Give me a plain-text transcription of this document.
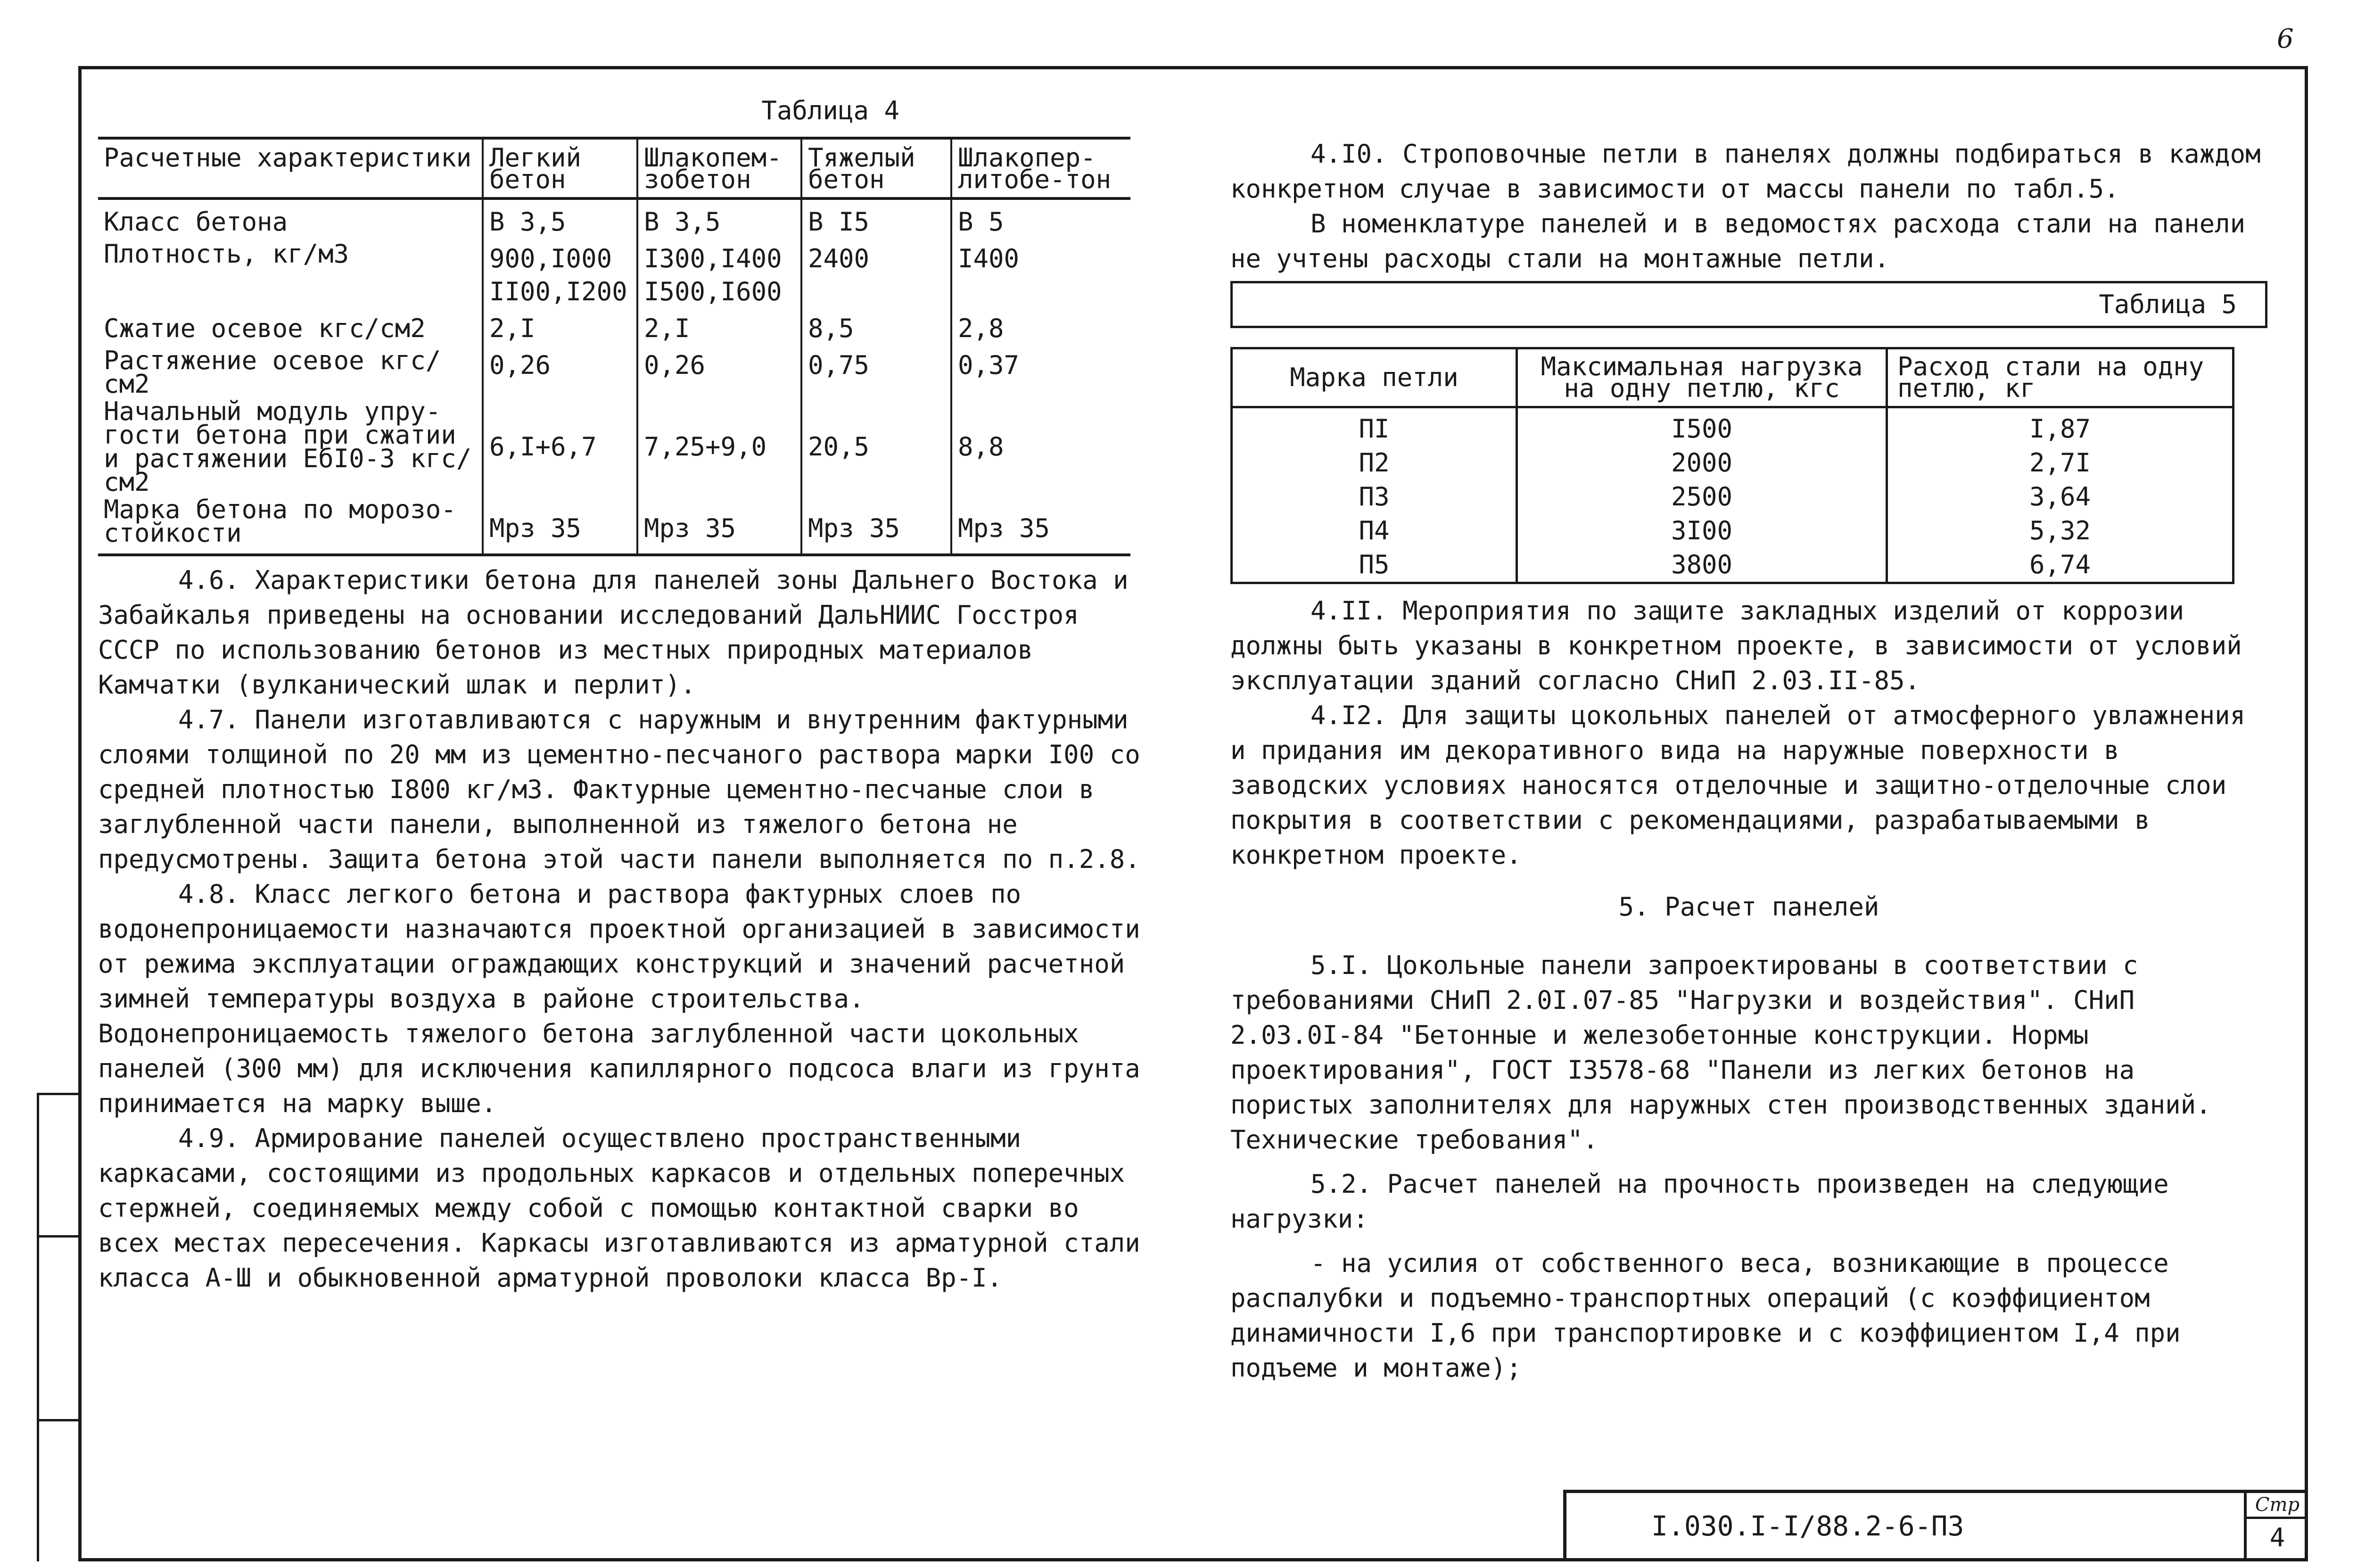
6
Таблица 4
Расчетные характеристики	Легкий бетон	Шлакопем-зобетон	Тяжелый бетон	Шлакопер-литобе-тон
Класс бетона	В 3,5	В 3,5	В I5	В 5
Плотность, кг/м3	900,I000 II00,I200	I300,I400 I500,I600	2400	I400
Сжатие осевое кгс/см2	2,I	2,I	8,5	2,8
Растяжение осевое кгс/см2	0,26	0,26	0,75	0,37
Начальный модуль упру-гости бетона при сжатии и растяжении ЕбI0-3 кгс/см2	6,I+6,7	7,25+9,0	20,5	8,8
Марка бетона по морозо-стойкости	Мрз 35	Мрз 35	Мрз 35	Мрз 35

4.6. Характеристики бетона для панелей зоны Дальнего Востока и Забайкалья приведены на основании исследований ДальНИИС Госстроя СССР по использованию бетонов из местных природных материалов Камчатки (вулканический шлак и перлит).

4.7. Панели изготавливаются с наружным и внутренним фактурными слоями толщиной по 20 мм из цементно-песчаного раствора марки I00 со средней плотностью I800 кг/м3. Фактурные цементно-песчаные слои в заглубленной части панели, выполненной из тяжелого бетона не предусмотрены. Защита бетона этой части панели выполняется по п.2.8.

4.8. Класс легкого бетона и раствора фактурных слоев по водонепроницаемости назначаются проектной организацией в зависимости от режима эксплуатации ограждающих конструкций и значений расчетной зимней температуры воздуха в районе строительства. Водонепроницаемость тяжелого бетона заглубленной части цокольных панелей (300 мм) для исключения капиллярного подсоса влаги из грунта принимается на марку выше.

4.9. Армирование панелей осуществлено пространственными каркасами, состоящими из продольных каркасов и отдельных поперечных стержней, соединяемых между собой с помощью контактной сварки во всех местах пересечения. Каркасы изготавливаются из арматурной стали класса А-Ш и обыкновенной арматурной проволоки класса Вр-I.

4.I0. Строповочные петли в панелях должны подбираться в каждом конкретном случае в зависимости от массы панели по табл.5.

В номенклатуре панелей и в ведомостях расхода стали на панели не учтены расходы стали на монтажные петли.

Таблица 5
Марка петли	Максимальная нагрузка на одну петлю, кгс	Расход стали на одну петлю, кг
ПI	I500	I,87
П2	2000	2,7I
П3	2500	3,64
П4	3I00	5,32
П5	3800	6,74

4.II. Мероприятия по защите закладных изделий от коррозии должны быть указаны в конкретном проекте, в зависимости от условий эксплуатации зданий согласно СНиП 2.03.II-85.

4.I2. Для защиты цокольных панелей от атмосферного увлажнения и придания им декоративного вида на наружные поверхности в заводских условиях наносятся отделочные и защитно-отделочные слои покрытия в соответствии с рекомендациями, разрабатываемыми в конкретном проекте.

5. Расчет панелей

5.I. Цокольные панели запроектированы в соответствии с требованиями СНиП 2.0I.07-85 "Нагрузки и воздействия". СНиП 2.03.0I-84 "Бетонные и железобетонные конструкции. Нормы проектирования", ГОСТ I3578-68 "Панели из легких бетонов на пористых заполнителях для наружных стен производственных зданий. Технические требования".

5.2. Расчет панелей на прочность произведен на следующие нагрузки:

- на усилия от собственного веса, возникающие в процессе распалубки и подъемно-транспортных операций (с коэффициентом динамичности I,6 при транспортировке и с коэффициентом I,4 при подъеме и монтаже);

I.030.I-I/88.2-6-ПЗ
Стр
4
